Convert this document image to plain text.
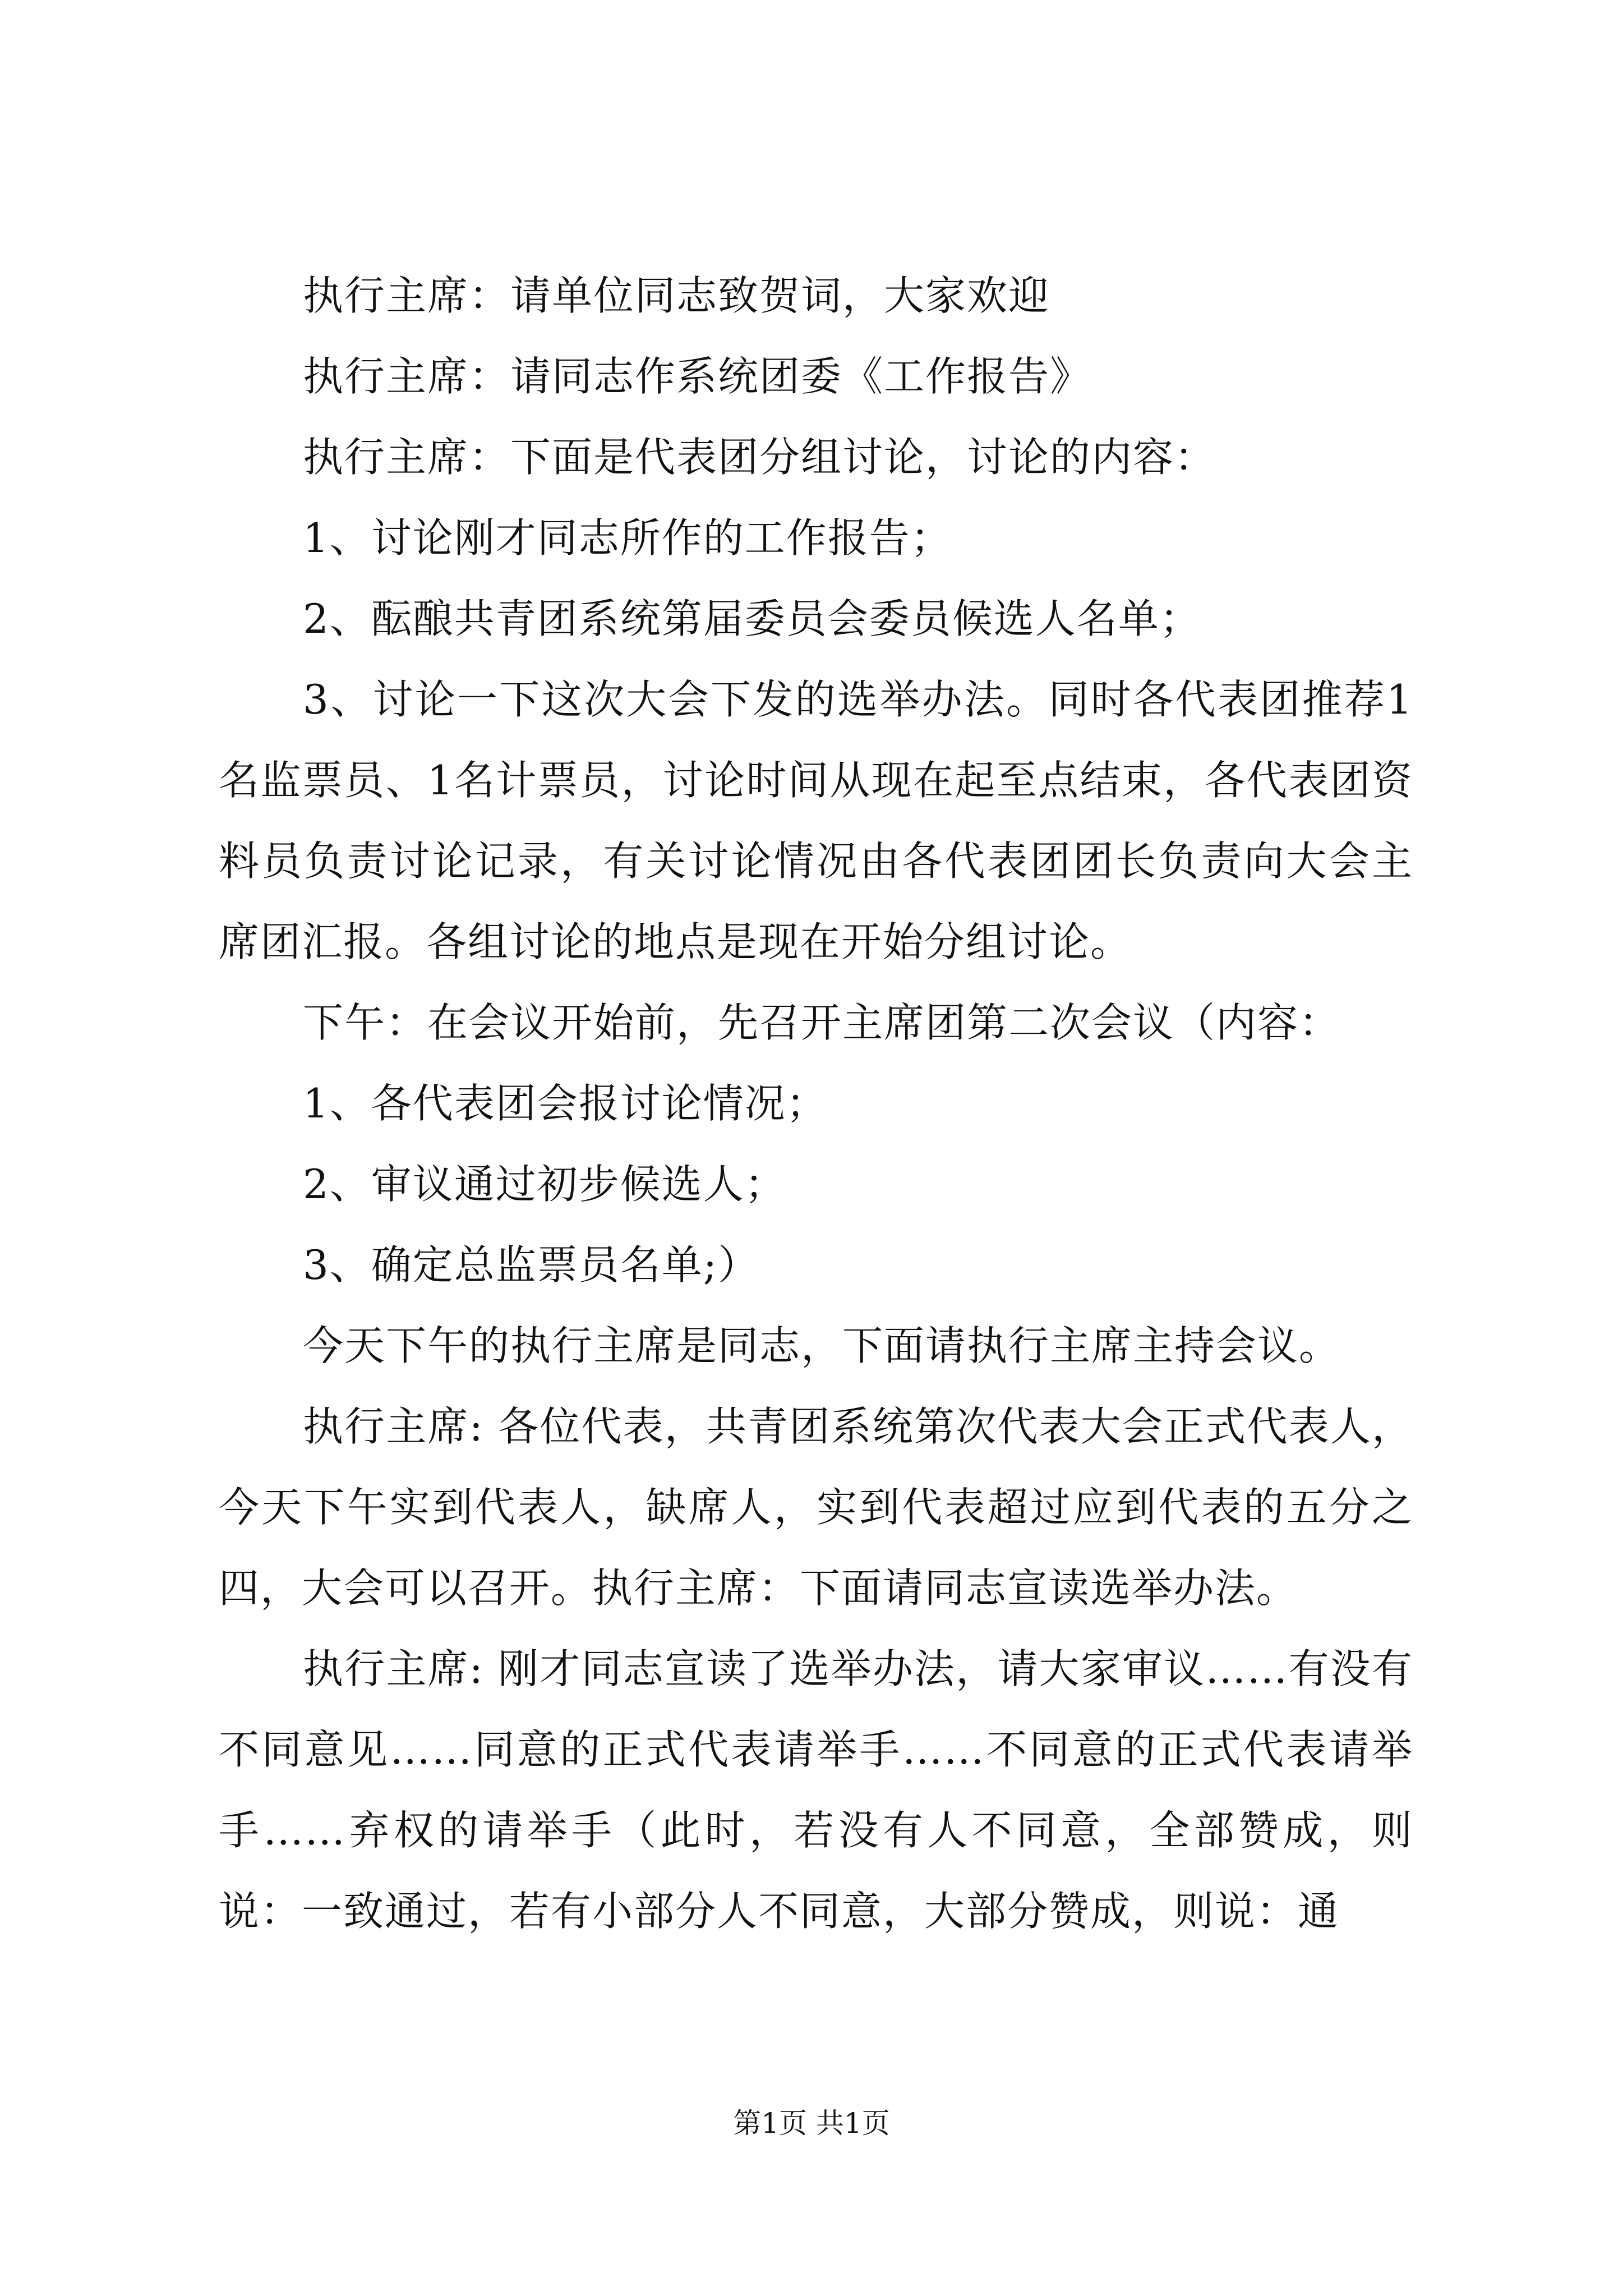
执行主席：请单位同志致贺词，大家欢迎

执行主席：请同志作系统团委《工作报告》

执行主席：下面是代表团分组讨论，讨论的内容：

1、讨论刚才同志所作的工作报告；

2、酝酿共青团系统第届委员会委员候选人名单；

3、讨论一下这次大会下发的选举办法。同时各代表团推荐1名监票员、1名计票员，讨论时间从现在起至点结束，各代表团资料员负责讨论记录，有关讨论情况由各代表团团长负责向大会主席团汇报。各组讨论的地点是现在开始分组讨论。

下午：在会议开始前，先召开主席团第二次会议（内容：

1、各代表团会报讨论情况；

2、审议通过初步候选人；

3、确定总监票员名单;）

今天下午的执行主席是同志，下面请执行主席主持会议。

执行主席: 各位代表，共青团系统第次代表大会正式代表人，今天下午实到代表人，缺席人，实到代表超过应到代表的五分之四，大会可以召开。执行主席：下面请同志宣读选举办法。

执行主席: 刚才同志宣读了选举办法，请大家审议……有没有不同意见……同意的正式代表请举手……不同意的正式代表请举手……弃权的请举手（此时，若没有人不同意，全部赞成，则说：一致通过，若有小部分人不同意，大部分赞成，则说：通

第1页 共1页
